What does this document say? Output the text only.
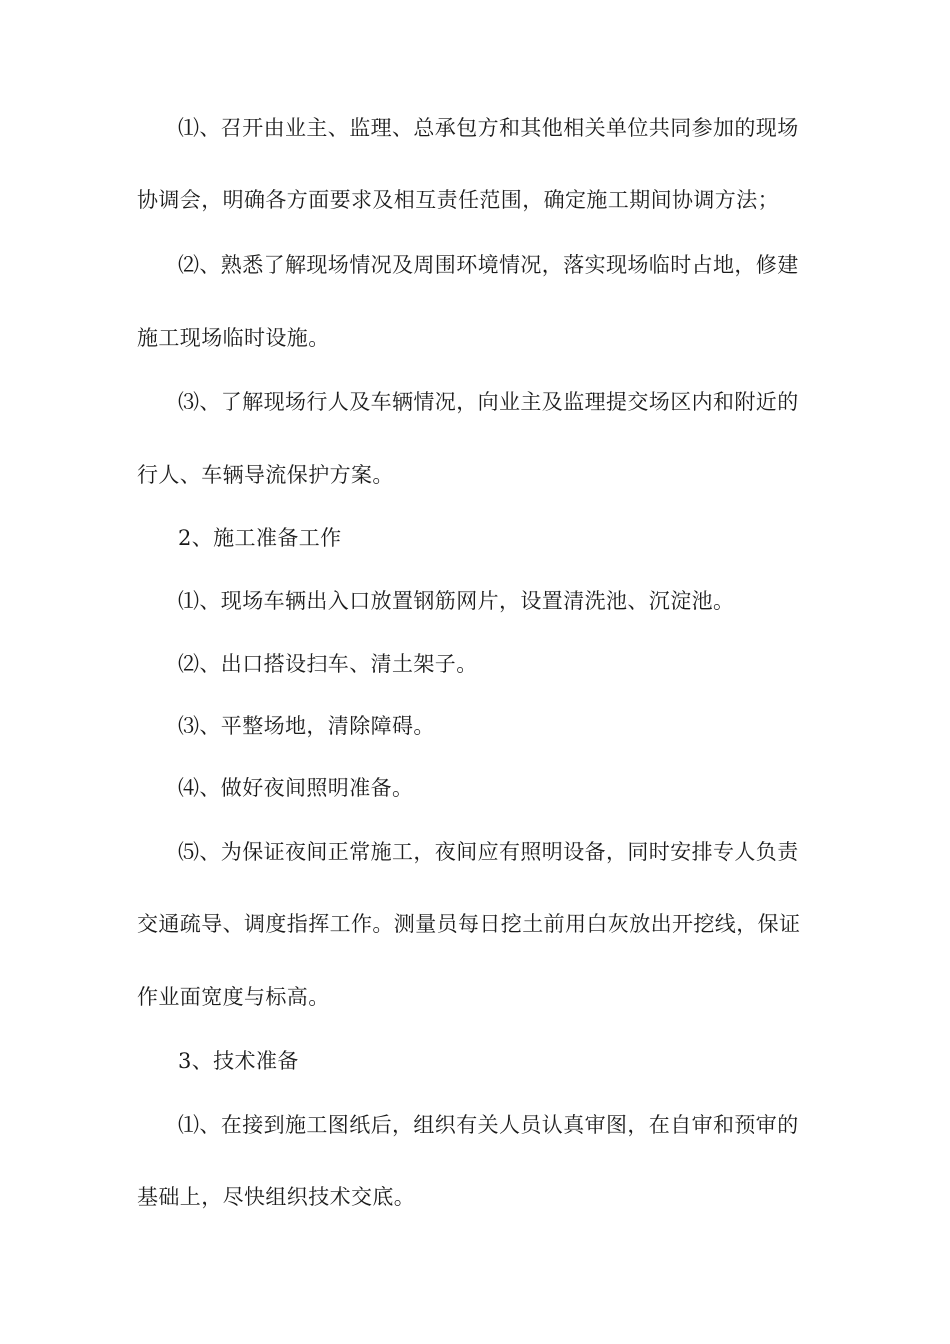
⑴、召开由业主、监理、总承包方和其他相关单位共同参加的现场
协调会，明确各方面要求及相互责任范围，确定施工期间协调方法；
⑵、熟悉了解现场情况及周围环境情况，落实现场临时占地，修建
施工现场临时设施。
⑶、了解现场行人及车辆情况，向业主及监理提交场区内和附近的
行人、车辆导流保护方案。
2、施工准备工作
⑴、现场车辆出入口放置钢筋网片，设置清洗池、沉淀池。
⑵、出口搭设扫车、清土架子。
⑶、平整场地，清除障碍。
⑷、做好夜间照明准备。
⑸、为保证夜间正常施工，夜间应有照明设备，同时安排专人负责
交通疏导、调度指挥工作。测量员每日挖土前用白灰放出开挖线，保证
作业面宽度与标高。
3、技术准备
⑴、在接到施工图纸后，组织有关人员认真审图，在自审和预审的
基础上，尽快组织技术交底。
